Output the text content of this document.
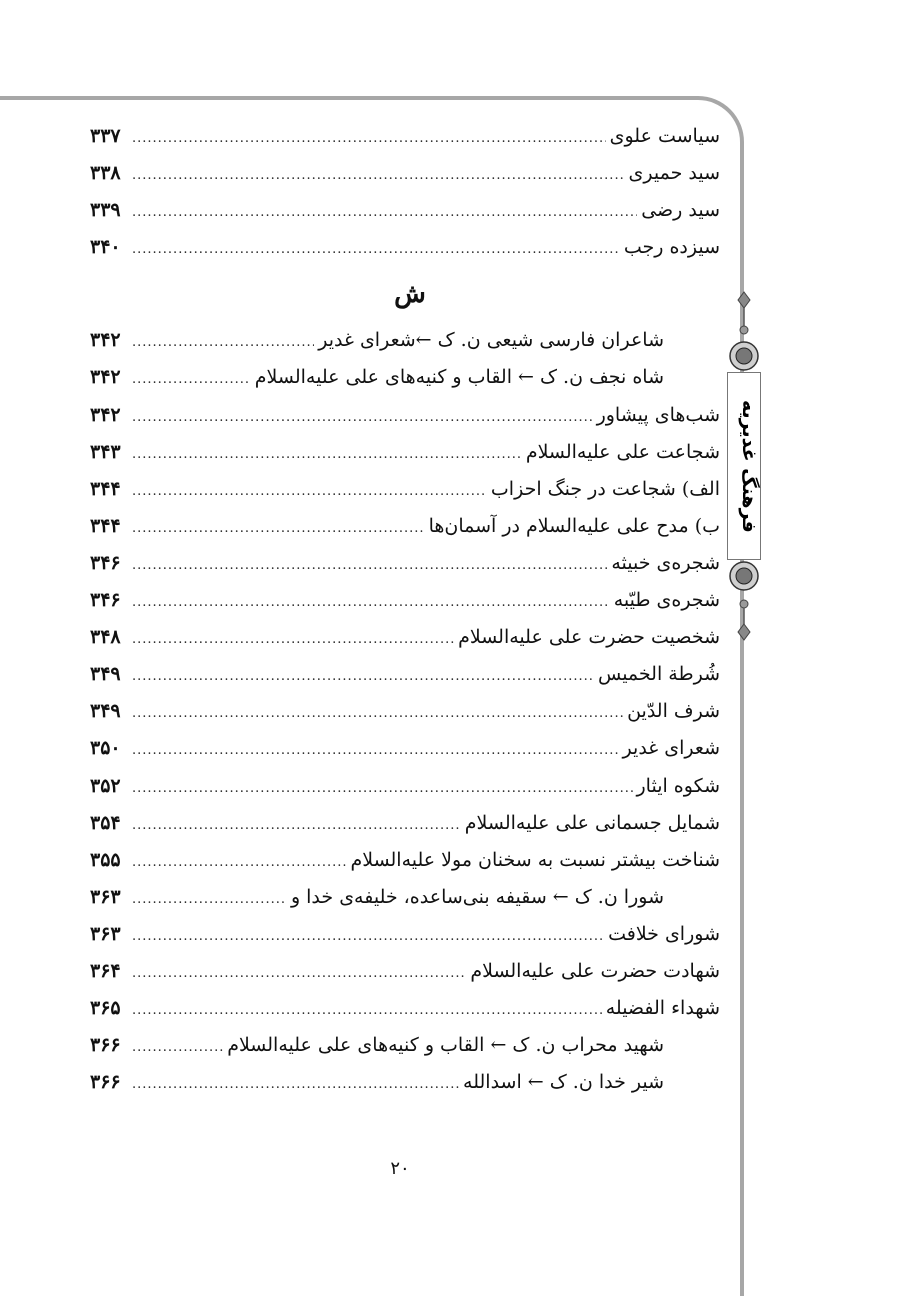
فرهنگ غدیریه
سیاست علوی
.....
۳۳۷
سید حمیری
.....
۳۳۸
سید رضی
.....
۳۳۹
سیزده رجب
.....
۳۴۰
ش
شاعران فارسی شیعی ن. ک ←شعرای غدیر
.....
۳۴۲
شاه نجف ن. ک ← القاب و کنیه‌های علی علیه‌السلام
.....
۳۴۲
شب‌های پیشاور
.....
۳۴۲
شجاعت علی علیه‌السلام
.....
۳۴۳
الف) شجاعت در جنگ احزاب
.....
۳۴۴
ب) مدح علی علیه‌السلام در آسمان‌ها
.....
۳۴۴
شجره‌ی خبیثه
.....
۳۴۶
شجره‌ی طیّبه
.....
۳۴۶
شخصیت حضرت علی علیه‌السلام
.....
۳۴۸
شُرطة الخمیس
.....
۳۴۹
شرف الدّین
.....
۳۴۹
شعرای غدیر
.....
۳۵۰
شکوه ایثار
.....
۳۵۲
شمایل جسمانی علی علیه‌السلام
.....
۳۵۴
شناخت بیشتر نسبت به سخنان مولا علیه‌السلام
.....
۳۵۵
شورا ن. ک ← سقیفه بنی‌ساعده، خلیفه‌ی خدا و
.....
۳۶۳
شورای خلافت
.....
۳۶۳
شهادت حضرت علی علیه‌السلام
.....
۳۶۴
شهداء الفضیله
.....
۳۶۵
شهید محراب ن. ک ← القاب و کنیه‌های علی علیه‌السلام
.....
۳۶۶
شیر خدا ن. ک ← اسدالله
.....
۳۶۶
۲۰
